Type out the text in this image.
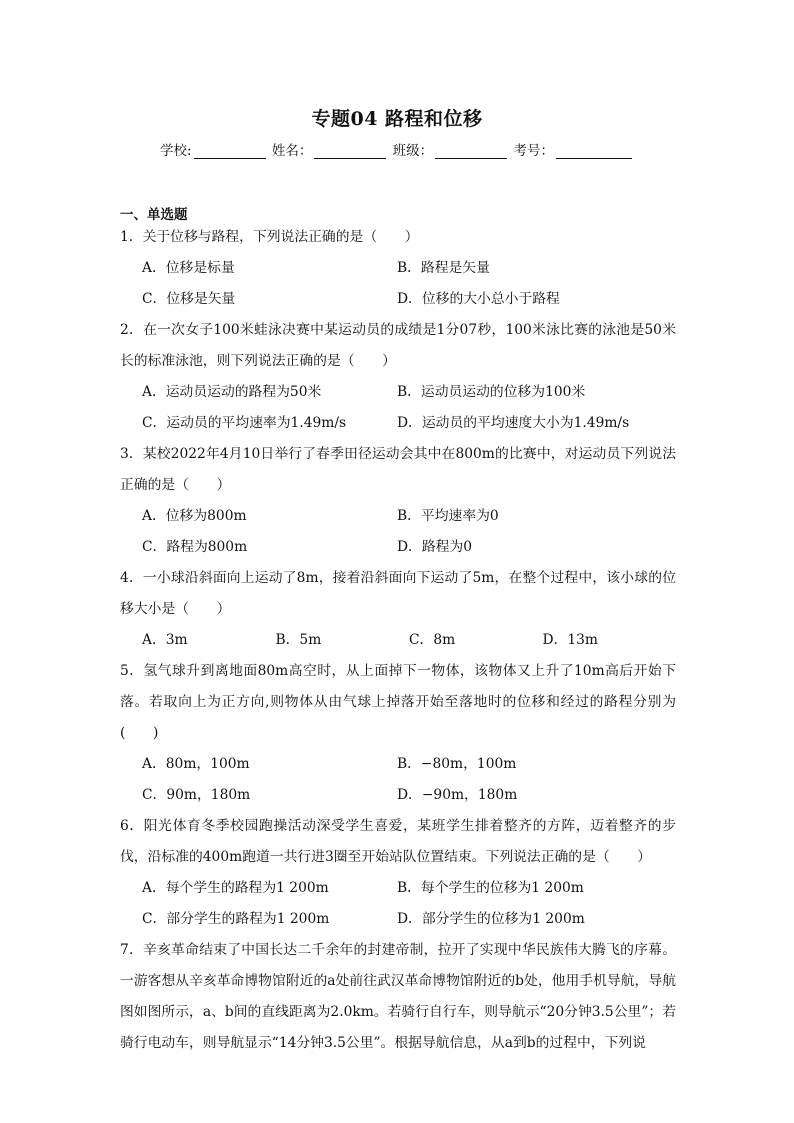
专题04 路程和位移
学校:	姓名：	班级：	考号：
一、单选题
1．关于位移与路程，下列说法正确的是（　　）
A．位移是标量	B．路程是矢量
C．位移是矢量	D．位移的大小总小于路程
2．在一次女子100米蛙泳决赛中某运动员的成绩是1分07秒，100米泳比赛的泳池是50米长的标准泳池，则下列说法正确的是（　　）
A．运动员运动的路程为50米	B．运动员运动的位移为100米
C．运动员的平均速率为1.49m/s	D．运动员的平均速度大小为1.49m/s
3．某校2022年4月10日举行了春季田径运动会其中在800m的比赛中，对运动员下列说法正确的是（　　）
A．位移为800m	B．平均速率为0
C．路程为800m	D．路程为0
4．一小球沿斜面向上运动了8m，接着沿斜面向下运动了5m，在整个过程中，该小球的位移大小是（　　）
A．3m	B．5m	C．8m	D．13m
5．氢气球升到离地面80m高空时，从上面掉下一物体，该物体又上升了10m高后开始下落。若取向上为正方向,则物体从由气球上掉落开始至落地时的位移和经过的路程分别为(　　)
A．80m，100m	B．−80m，100m
C．90m，180m	D．−90m，180m
6．阳光体育冬季校园跑操活动深受学生喜爱，某班学生排着整齐的方阵，迈着整齐的步伐，沿标准的400m跑道一共行进3圈至开始站队位置结束。下列说法正确的是（　　）
A．每个学生的路程为1 200m	B．每个学生的位移为1 200m
C．部分学生的路程为1 200m	D．部分学生的位移为1 200m
7．辛亥革命结束了中国长达二千余年的封建帝制，拉开了实现中华民族伟大腾飞的序幕。一游客想从辛亥革命博物馆附近的a处前往武汉革命博物馆附近的b处，他用手机导航，导航图如图所示，a、b间的直线距离为2.0km。若骑行自行车，则导航示“20分钟3.5公里”；若骑行电动车，则导航显示“14分钟3.5公里”。根据导航信息，从a到b的过程中，下列说
